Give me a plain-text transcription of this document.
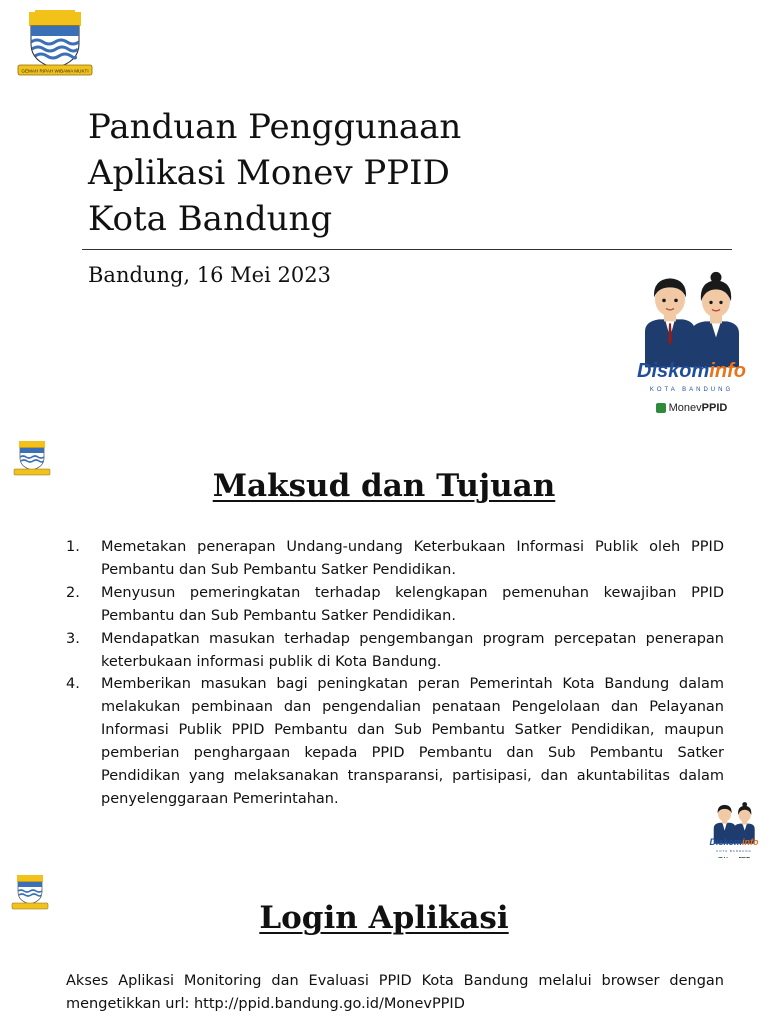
GEMAH RIPAH WIBAWA MUKTI
Panduan Penggunaan
Aplikasi Monev PPID
Kota Bandung
Bandung, 16 Mei 2023
Diskominfo
KOTA BANDUNG
MonevPPID
Maksud dan Tujuan
1. Memetakan penerapan Undang-undang Keterbukaan Informasi Publik oleh PPID Pembantu dan Sub Pembantu Satker Pendidikan.
2. Menyusun pemeringkatan terhadap kelengkapan pemenuhan kewajiban PPID Pembantu dan Sub Pembantu Satker Pendidikan.
3. Mendapatkan masukan terhadap pengembangan program percepatan penerapan keterbukaan informasi publik di Kota Bandung.
4. Memberikan masukan bagi peningkatan peran Pemerintah Kota Bandung dalam melakukan pembinaan dan pengendalian penataan Pengelolaan dan Pelayanan Informasi Publik PPID Pembantu dan Sub Pembantu Satker Pendidikan, maupun pemberian penghargaan kepada PPID Pembantu dan Sub Pembantu Satker Pendidikan yang melaksanakan transparansi, partisipasi, dan akuntabilitas dalam penyelenggaraan Pemerintahan.
Diskominfo
KOTA BANDUNG
Login Aplikasi

Akses Aplikasi Monitoring dan Evaluasi PPID Kota Bandung melalui browser dengan mengetikkan url: http://ppid.bandung.go.id/MonevPPID
